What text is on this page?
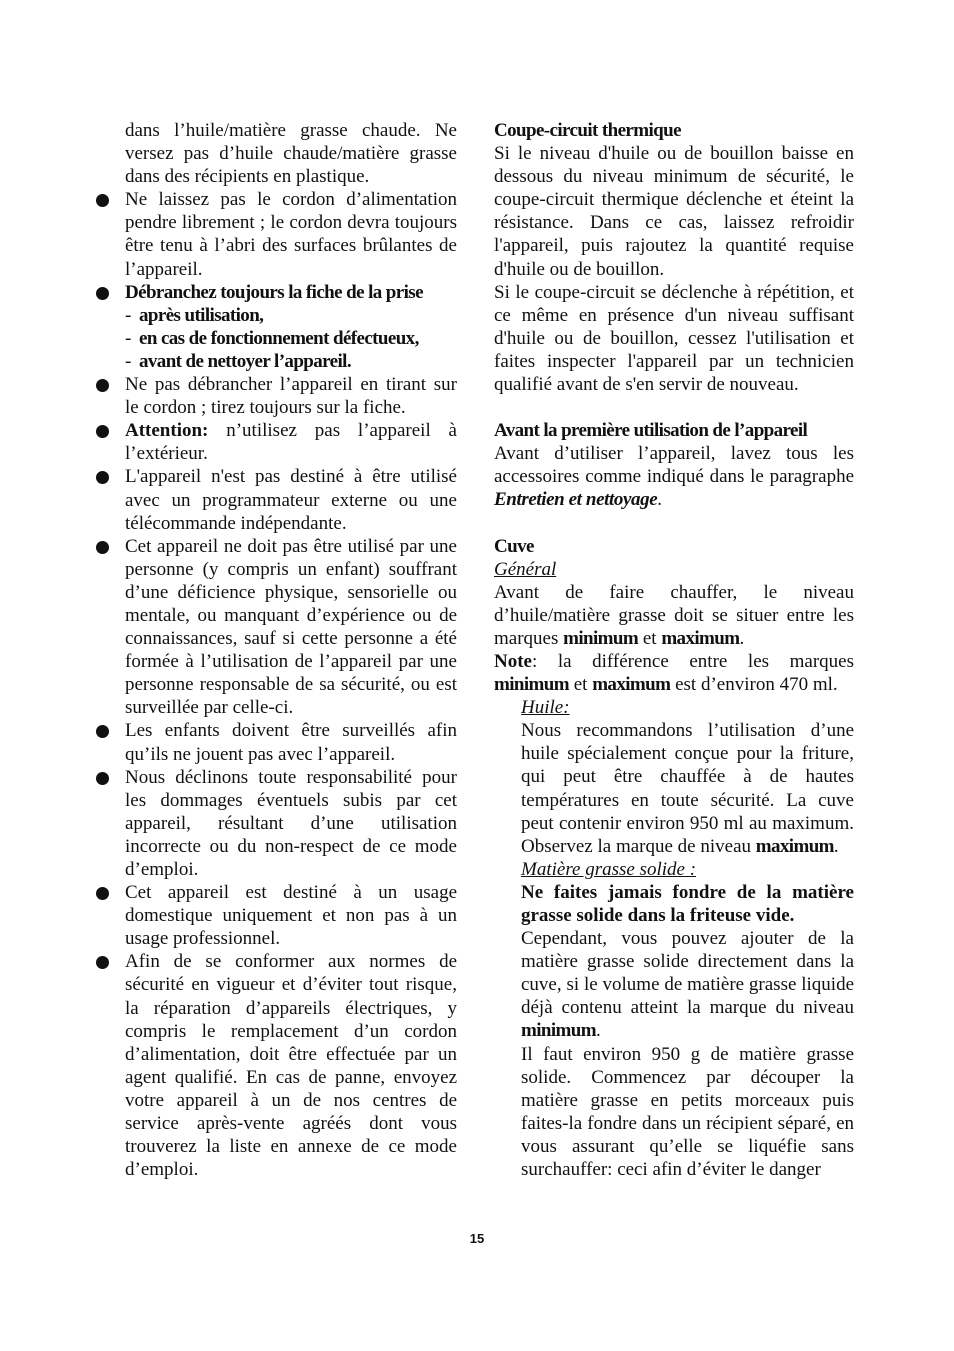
dans l’huile/matière grasse chaude. Ne versez pas d’huile chaude/matière grasse dans des récipients en plastique.

Ne laissez pas le cordon d’alimentation pendre librement ; le cordon devra toujours être tenu à l’abri des surfaces brûlantes de l’appareil.
Débranchez toujours la fiche de la prise
- après utilisation,
- en cas de fonctionnement défectueux,
- avant de nettoyer l’appareil.
Ne pas débrancher l’appareil en tirant sur le cordon ; tirez toujours sur la fiche.
Attention: n’utilisez pas l’appareil à l’extérieur.
L'appareil n'est pas destiné à être utilisé avec un programmateur externe ou une télécommande indépendante.
Cet appareil ne doit pas être utilisé par une personne (y compris un enfant) souffrant d’une déficience physique, sensorielle ou mentale, ou manquant d’expérience ou de connaissances, sauf si cette personne a été formée à l’utilisation de l’appareil par une personne responsable de sa sécurité, ou est surveillée par celle-ci.
Les enfants doivent être surveillés afin qu’ils ne jouent pas avec l’appareil.
Nous déclinons toute responsabilité pour les dommages éventuels subis par cet appareil, résultant d’une utilisation incorrecte ou du non-respect de ce mode d’emploi.
Cet appareil est destiné à un usage domestique uniquement et non pas à un usage professionnel.
Afin de se conformer aux normes de sécurité en vigueur et d’éviter tout risque, la réparation d’appareils électriques, y compris le remplacement d’un cordon d’alimentation, doit être effectuée par un agent qualifié. En cas de panne, envoyez votre appareil à un de nos centres de service après-vente agréés dont vous trouverez la liste en annexe de ce mode d’emploi.
Coupe-circuit thermique

Si le niveau d'huile ou de bouillon baisse en dessous du niveau minimum de sécurité, le coupe-circuit thermique déclenche et éteint la résistance. Dans ce cas, laissez refroidir l'appareil, puis rajoutez la quantité requise d'huile ou de bouillon.

Si le coupe-circuit se déclenche à répétition, et ce même en présence d'un niveau suffisant d'huile ou de bouillon, cessez l'utilisation et faites inspecter l'appareil par un technicien qualifié avant de s'en servir de nouveau.

Avant la première utilisation de l’appareil

Avant d’utiliser l’appareil, lavez tous les accessoires comme indiqué dans le paragraphe Entretien et nettoyage.

Cuve
Général

Avant de faire chauffer, le niveau d’huile/matière grasse doit se situer entre les marques minimum et maximum.

Note: la différence entre les marques minimum et maximum est d’environ 470 ml.

Huile:

Nous recommandons l’utilisation d’une huile spécialement conçue pour la friture, qui peut être chauffée à de hautes températures en toute sécurité. La cuve peut contenir environ 950 ml au maximum. Observez la marque de niveau maximum.

Matière grasse solide :

Ne faites jamais fondre de la matière grasse solide dans la friteuse vide.

Cependant, vous pouvez ajouter de la matière grasse solide directement dans la cuve, si le volume de matière grasse liquide déjà contenu atteint la marque du niveau minimum.

Il faut environ 950 g de matière grasse solide. Commencez par découper la matière grasse en petits morceaux puis faites-la fondre dans un récipient séparé, en vous assurant qu’elle se liquéfie sans surchauffer: ceci afin d’éviter le danger

15
